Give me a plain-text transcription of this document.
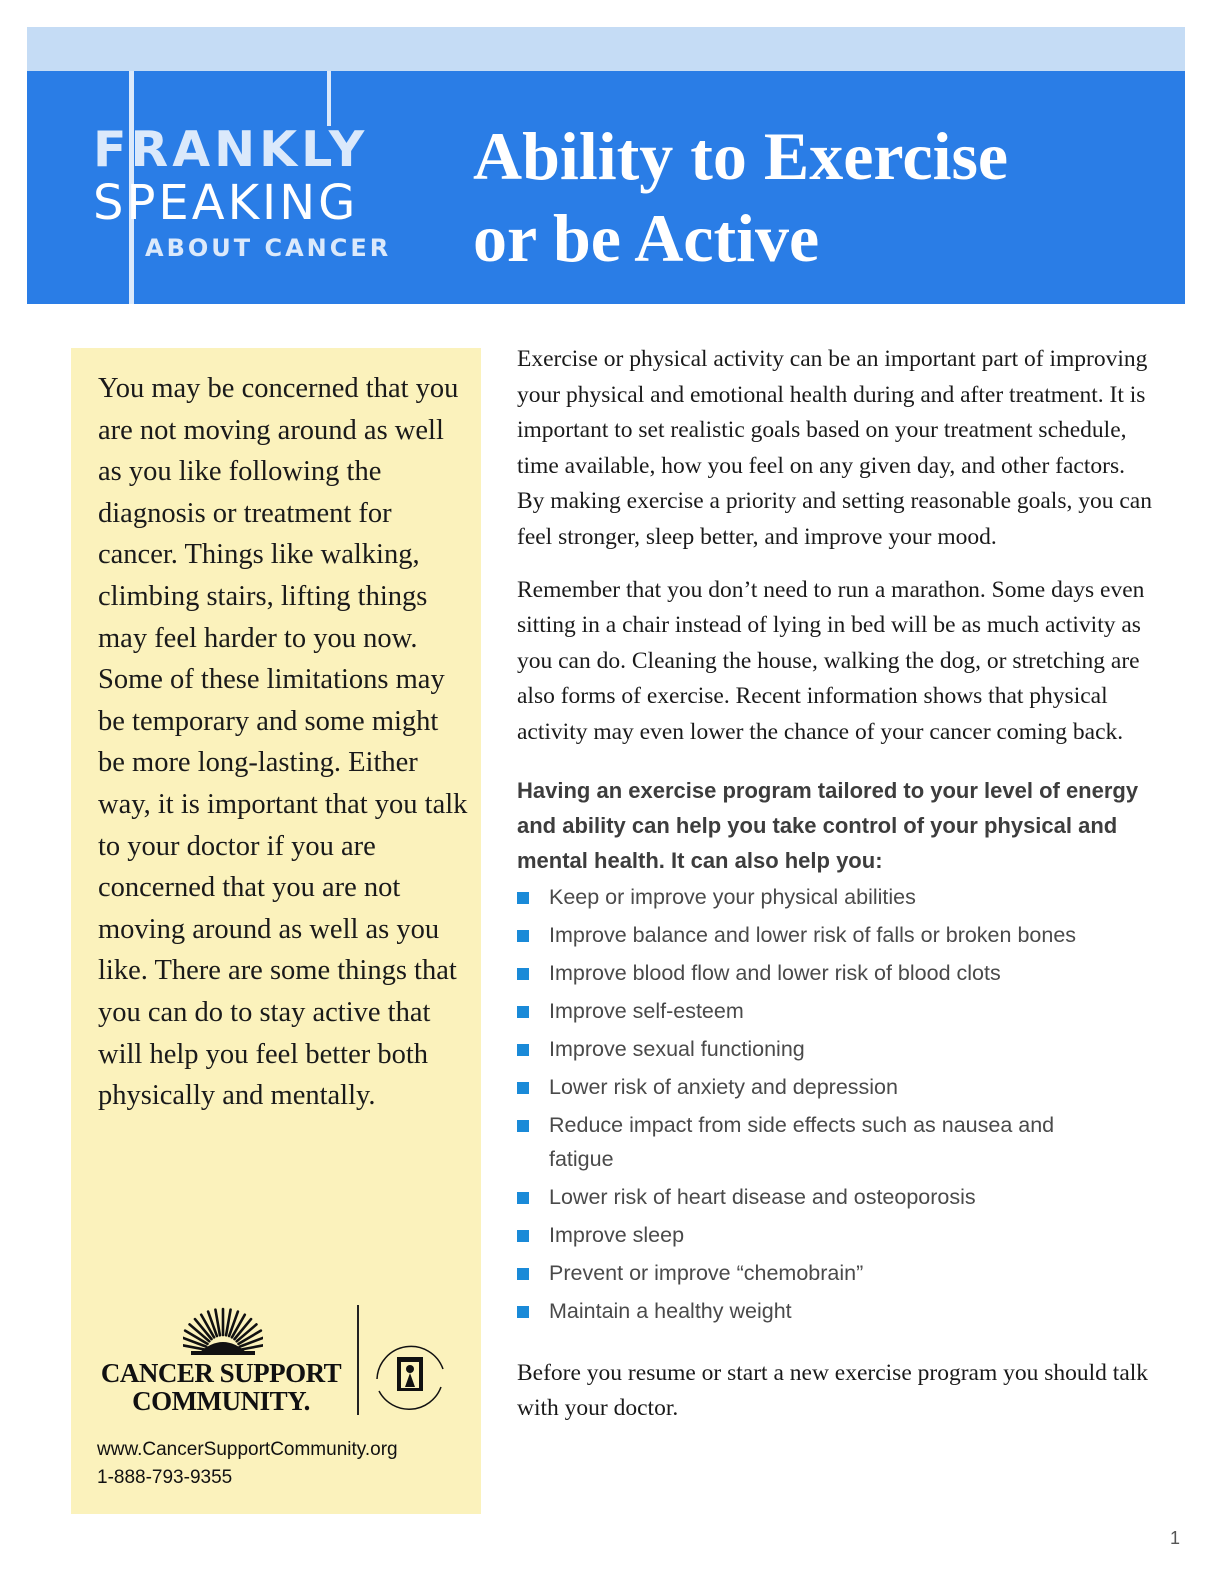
FRANKLY
SPEAKING
ABOUT CANCER
Ability to Exercise
or be Active

You may be concerned that you are not moving around as well as you like following the diagnosis or treatment for cancer. Things like walking, climbing stairs, lifting things may feel harder to you now. Some of these limitations may be temporary and some might be more long-lasting. Either way, it is important that you talk to your doctor if you are concerned that you are not moving around as well as you like. There are some things that you can do to stay active that will help you feel better both physically and mentally.

CANCER SUPPORT
COMMUNITY.
www.CancerSupportCommunity.org
1-888-793-9355

Exercise or physical activity can be an important part of improving your physical and emotional health during and after treatment. It is important to set realistic goals based on your treatment schedule, time available, how you feel on any given day, and other factors. By making exercise a priority and setting reasonable goals, you can feel stronger, sleep better, and improve your mood.

Remember that you don’t need to run a marathon. Some days even sitting in a chair instead of lying in bed will be as much activity as you can do. Cleaning the house, walking the dog, or stretching are also forms of exercise. Recent information shows that physical activity may even lower the chance of your cancer coming back.

Having an exercise program tailored to your level of energy and ability can help you take control of your physical and mental health. It can also help you:

Keep or improve your physical abilities
Improve balance and lower risk of falls or broken bones
Improve blood flow and lower risk of blood clots
Improve self-esteem
Improve sexual functioning
Lower risk of anxiety and depression
Reduce impact from side effects such as nausea and fatigue
Lower risk of heart disease and osteoporosis
Improve sleep
Prevent or improve “chemobrain”
Maintain a healthy weight

Before you resume or start a new exercise program you should talk with your doctor.

1
